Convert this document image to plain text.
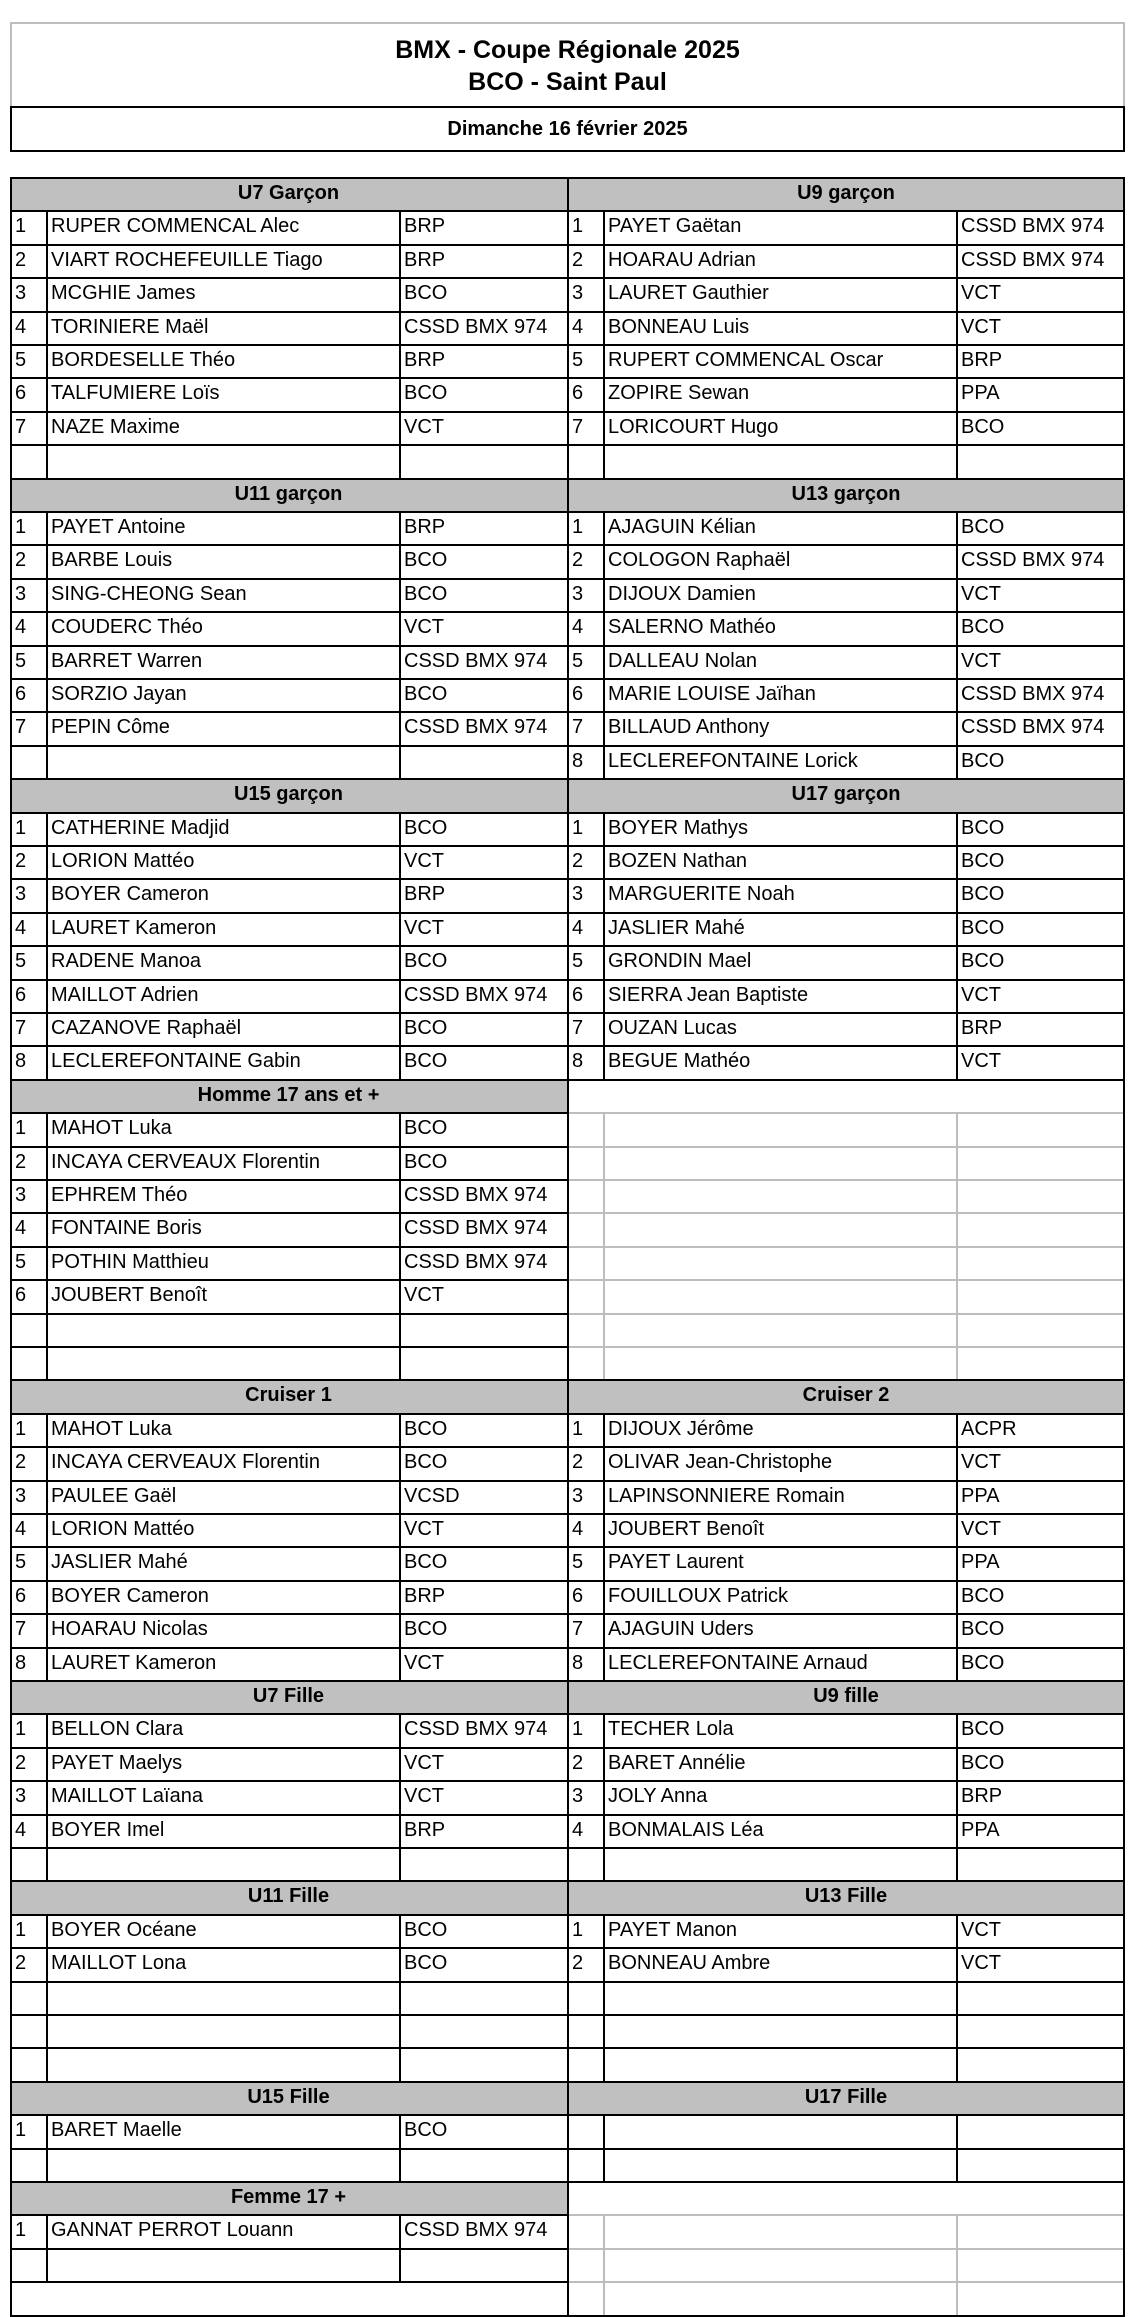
BMX - Coupe Régionale 2025
BCO - Saint Paul
Dimanche 16 février 2025
U7 Garçon
1	RUPER COMMENCAL Alec	BRP
2	VIART ROCHEFEUILLE Tiago	BRP
3	MCGHIE James	BCO
4	TORINIERE Maël	CSSD BMX 974
5	BORDESELLE Théo	BRP
6	TALFUMIERE Loïs	BCO
7	NAZE Maxime	VCT
U9 garçon
1	PAYET Gaëtan	CSSD BMX 974
2	HOARAU Adrian	CSSD BMX 974
3	LAURET Gauthier	VCT
4	BONNEAU Luis	VCT
5	RUPERT COMMENCAL Oscar	BRP
6	ZOPIRE Sewan	PPA
7	LORICOURT Hugo	BCO
U11 garçon
1	PAYET Antoine	BRP
2	BARBE Louis	BCO
3	SING-CHEONG Sean	BCO
4	COUDERC Théo	VCT
5	BARRET Warren	CSSD BMX 974
6	SORZIO Jayan	BCO
7	PEPIN Côme	CSSD BMX 974
U13 garçon
1	AJAGUIN Kélian	BCO
2	COLOGON Raphaël	CSSD BMX 974
3	DIJOUX Damien	VCT
4	SALERNO Mathéo	BCO
5	DALLEAU Nolan	VCT
6	MARIE LOUISE Jaïhan	CSSD BMX 974
7	BILLAUD Anthony	CSSD BMX 974
8	LECLEREFONTAINE Lorick	BCO
U15 garçon
1	CATHERINE Madjid	BCO
2	LORION Mattéo	VCT
3	BOYER Cameron	BRP
4	LAURET Kameron	VCT
5	RADENE Manoa	BCO
6	MAILLOT Adrien	CSSD BMX 974
7	CAZANOVE Raphaël	BCO
8	LECLEREFONTAINE Gabin	BCO
U17 garçon
1	BOYER Mathys	BCO
2	BOZEN Nathan	BCO
3	MARGUERITE Noah	BCO
4	JASLIER Mahé	BCO
5	GRONDIN Mael	BCO
6	SIERRA Jean Baptiste	VCT
7	OUZAN Lucas	BRP
8	BEGUE Mathéo	VCT
Homme 17 ans et +
1	MAHOT Luka	BCO
2	INCAYA CERVEAUX Florentin	BCO
3	EPHREM Théo	CSSD BMX 974
4	FONTAINE Boris	CSSD BMX 974
5	POTHIN Matthieu	CSSD BMX 974
6	JOUBERT Benoît	VCT
Cruiser 1
1	MAHOT Luka	BCO
2	INCAYA CERVEAUX Florentin	BCO
3	PAULEE Gaël	VCSD
4	LORION Mattéo	VCT
5	JASLIER Mahé	BCO
6	BOYER Cameron	BRP
7	HOARAU Nicolas	BCO
8	LAURET Kameron	VCT
Cruiser 2
1	DIJOUX Jérôme	ACPR
2	OLIVAR Jean-Christophe	VCT
3	LAPINSONNIERE Romain	PPA
4	JOUBERT Benoît	VCT
5	PAYET Laurent	PPA
6	FOUILLOUX Patrick	BCO
7	AJAGUIN Uders	BCO
8	LECLEREFONTAINE Arnaud	BCO
U7 Fille
1	BELLON Clara	CSSD BMX 974
2	PAYET Maelys	VCT
3	MAILLOT Laïana	VCT
4	BOYER Imel	BRP
U9 fille
1	TECHER Lola	BCO
2	BARET Annélie	BCO
3	JOLY Anna	BRP
4	BONMALAIS Léa	PPA
U11 Fille
1	BOYER Océane	BCO
2	MAILLOT Lona	BCO
U13 Fille
1	PAYET Manon	VCT
2	BONNEAU Ambre	VCT
U15 Fille
1	BARET Maelle	BCO
U17 Fille
Femme 17 +
1	GANNAT PERROT Louann	CSSD BMX 974
